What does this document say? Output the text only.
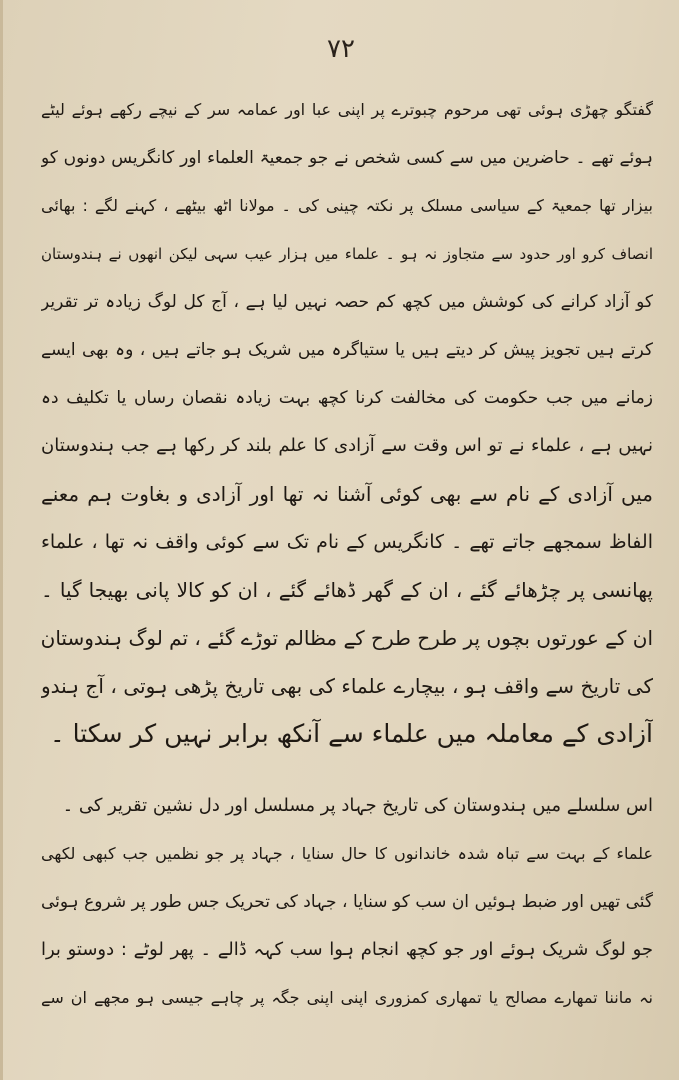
۷۲
گفتگو چھڑی ہوئی تھی مرحوم چبوترے پر اپنی عبا اور عمامہ سر کے نیچے رکھے ہوئے لیٹے
ہوئے تھے ۔ حاضرین میں سے کسی شخص نے جو جمعیۃ العلماء اور کانگریس دونوں کو
بیزار تھا جمعیۃ کے سیاسی مسلک پر نکتہ چینی کی ۔ مولانا اٹھ بیٹھے ، کہنے لگے : بھائی
انصاف کرو اور حدود سے متجاوز نہ ہو ۔ علماء میں ہزار عیب سہی لیکن انھوں نے ہندوستان
کو آزاد کرانے کی کوشش میں کچھ کم حصہ نہیں لیا ہے ، آج کل لوگ زیادہ تر تقریر
کرتے ہیں تجویز پیش کر دیتے ہیں یا ستیاگرہ میں شریک ہو جاتے ہیں ، وہ بھی ایسے
زمانے میں جب حکومت کی مخالفت کرنا کچھ بہت زیادہ نقصان رساں یا تکلیف دہ
نہیں ہے ، علماء نے تو اس وقت سے آزادی کا علم بلند کر رکھا ہے جب ہندوستان
میں آزادی کے نام سے بھی کوئی آشنا نہ تھا اور آزادی و بغاوت ہم معنے
الفاظ سمجھے جاتے تھے ۔ کانگریس کے نام تک سے کوئی واقف نہ تھا ، علماء
پھانسی پر چڑھائے گئے ، ان کے گھر ڈھائے گئے ، ان کو کالا پانی بھیجا گیا ۔
ان کے عورتوں بچوں پر طرح طرح کے مظالم توڑے گئے ، تم لوگ ہندوستان
کی تاریخ سے واقف ہو ، بیچارے علماء کی بھی تاریخ پڑھی ہوتی ، آج ہندو
آزادی کے معاملہ میں علماء سے آنکھ برابر نہیں کر سکتا ۔
اس سلسلے میں ہندوستان کی تاریخ جہاد پر مسلسل اور دل نشین تقریر کی ۔
علماء کے بہت سے تباہ شدہ خاندانوں کا حال سنایا ، جہاد پر جو نظمیں جب کبھی لکھی
گئی تھیں اور ضبط ہوئیں ان سب کو سنایا ، جہاد کی تحریک جس طور پر شروع ہوئی
جو لوگ شریک ہوئے اور جو کچھ انجام ہوا سب کہہ ڈالے ۔ پھر لوٹے : دوستو برا
نہ ماننا تمھارے مصالح یا تمھاری کمزوری اپنی اپنی جگہ پر چاہے جیسی ہو مجھے ان سے
